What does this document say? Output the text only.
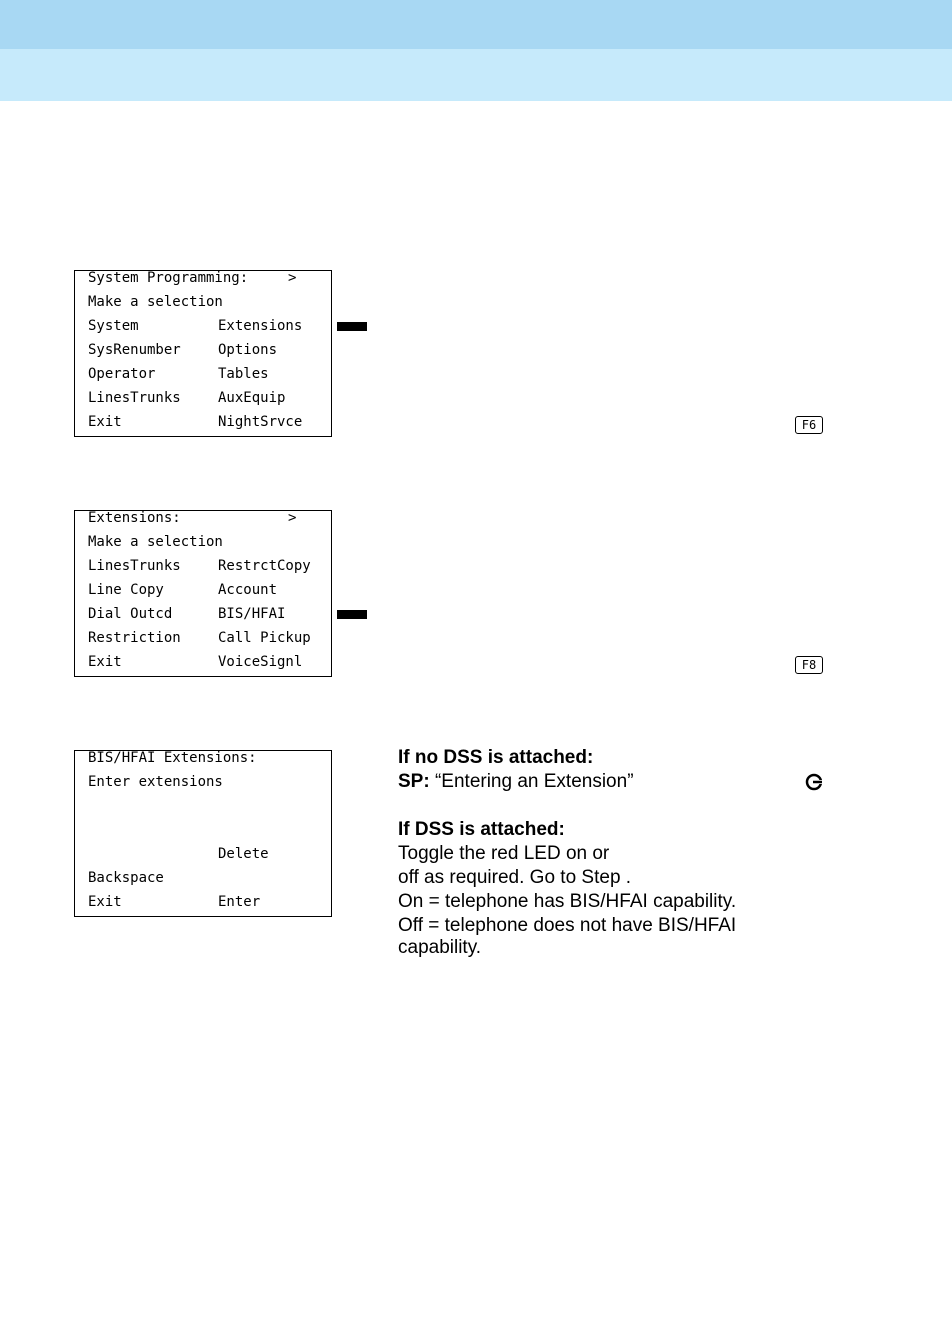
System Programming:	>
Make a selection
System	Extensions
SysRenumber	Options
Operator	Tables
LinesTrunks	AuxEquip
Exit	NightSrvce	F6
Extensions:	>
Make a selection
LinesTrunks	RestrctCopy
Line Copy	Account
Dial Outcd	BIS/HFAI
Restriction	Call Pickup
Exit	VoiceSignl	F8
BIS/HFAI Extensions:
Enter extensions
Delete
Backspace
Exit	Enter
If no DSS is attached:
SP: “Entering an Extension”
If DSS is attached:
Toggle the red LED on or
off as required. Go to Step .
On = telephone has BIS/HFAI capability.
Off = telephone does not have BIS/HFAI
capability.
